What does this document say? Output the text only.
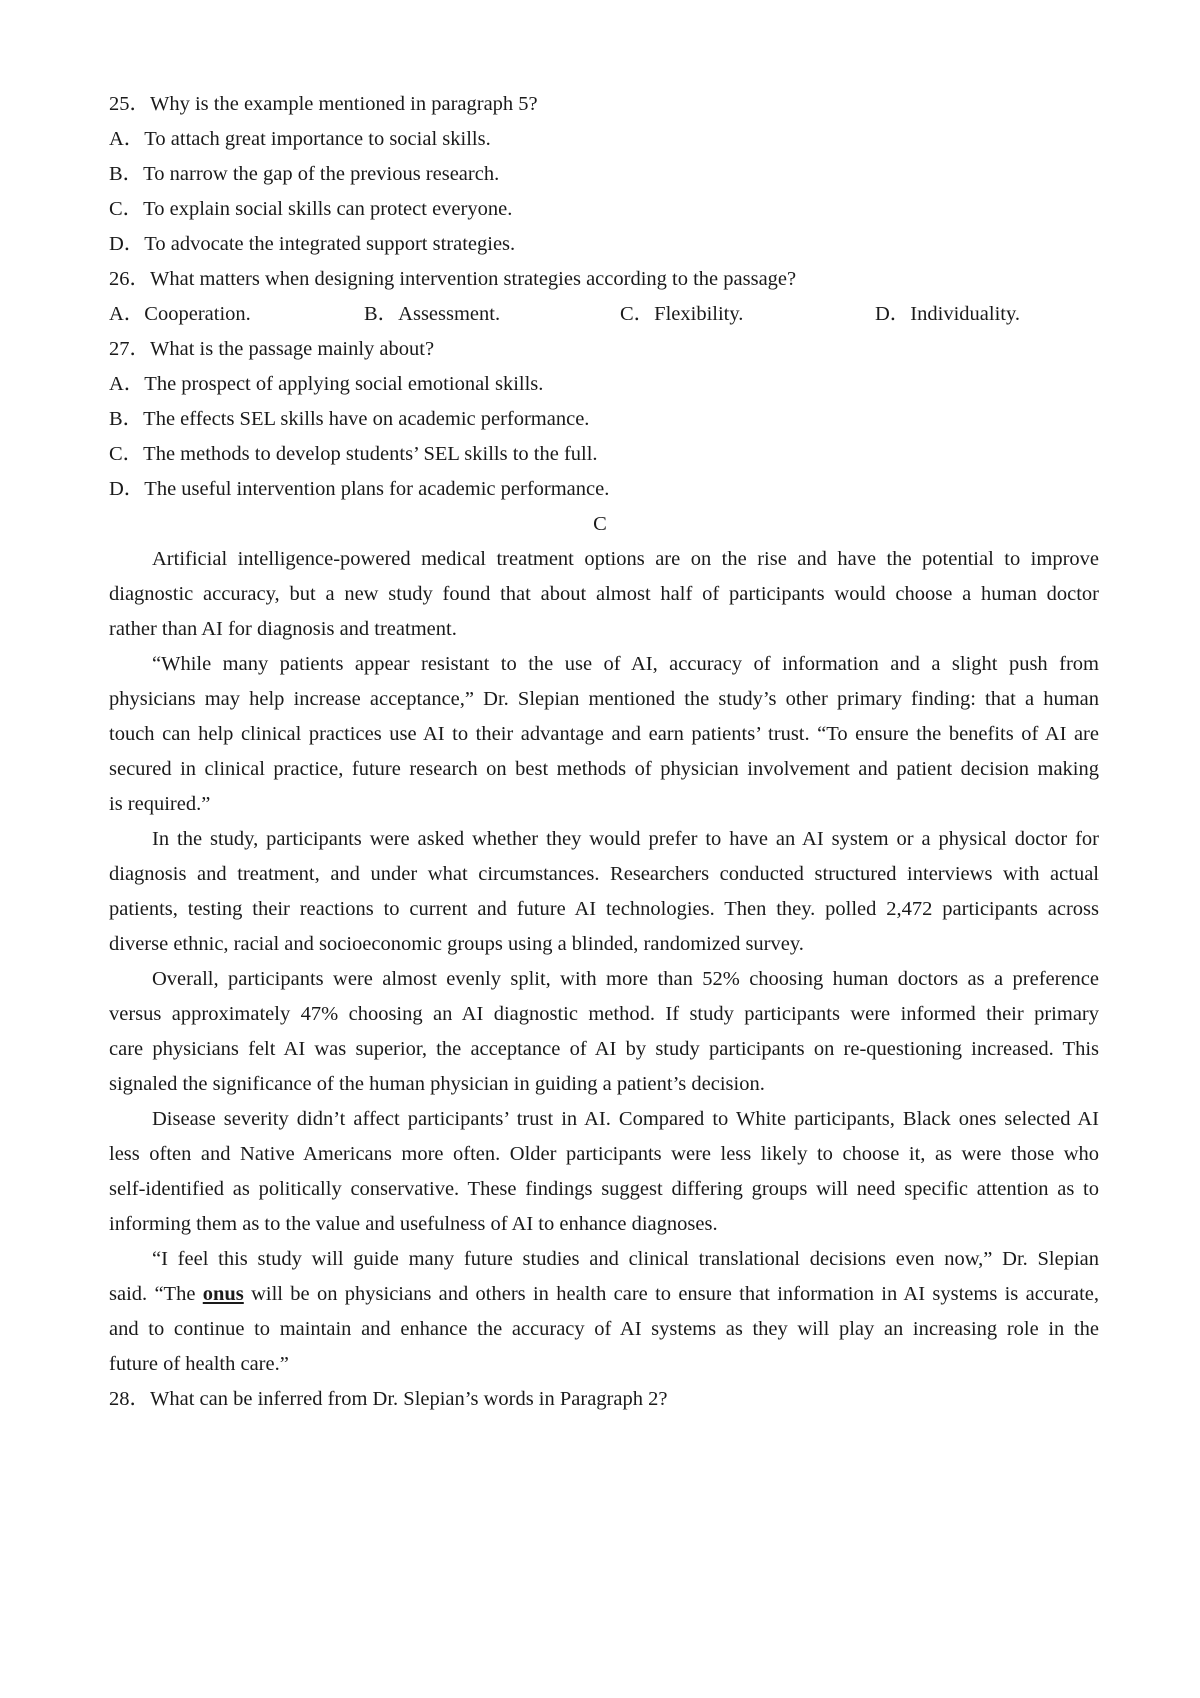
25．Why is the example mentioned in paragraph 5?
A．To attach great importance to social skills.
B．To narrow the gap of the previous research.
C．To explain social skills can protect everyone.
D．To advocate the integrated support strategies.
26．What matters when designing intervention strategies according to the passage?
A．Cooperation.	B．Assessment.	C．Flexibility.	D．Individuality.
27．What is the passage mainly about?
A．The prospect of applying social emotional skills.
B．The effects SEL skills have on academic performance.
C．The methods to develop students’ SEL skills to the full.
D．The useful intervention plans for academic performance.
C
Artificial intelligence-powered medical treatment options are on the rise and have the potential to improve
diagnostic accuracy, but a new study found that about almost half of participants would choose a human doctor
rather than AI for diagnosis and treatment.
“While many patients appear resistant to the use of AI, accuracy of information and a slight push from
physicians may help increase acceptance,” Dr. Slepian mentioned the study’s other primary finding: that a human
touch can help clinical practices use AI to their advantage and earn patients’ trust. “To ensure the benefits of AI are
secured in clinical practice, future research on best methods of physician involvement and patient decision making
is required.”
In the study, participants were asked whether they would prefer to have an AI system or a physical doctor for
diagnosis and treatment, and under what circumstances. Researchers conducted structured interviews with actual
patients, testing their reactions to current and future AI technologies. Then they. polled 2,472 participants across
diverse ethnic, racial and socioeconomic groups using a blinded, randomized survey.
Overall, participants were almost evenly split, with more than 52% choosing human doctors as a preference
versus approximately 47% choosing an AI diagnostic method. If study participants were informed their primary
care physicians felt AI was superior, the acceptance of AI by study participants on re-questioning increased. This
signaled the significance of the human physician in guiding a patient’s decision.
Disease severity didn’t affect participants’ trust in AI. Compared to White participants, Black ones selected AI
less often and Native Americans more often. Older participants were less likely to choose it, as were those who
self-identified as politically conservative. These findings suggest differing groups will need specific attention as to
informing them as to the value and usefulness of AI to enhance diagnoses.
“I feel this study will guide many future studies and clinical translational decisions even now,” Dr. Slepian
said. “The onus will be on physicians and others in health care to ensure that information in AI systems is accurate,
and to continue to maintain and enhance the accuracy of AI systems as they will play an increasing role in the
future of health care.”
28．What can be inferred from Dr. Slepian’s words in Paragraph 2?
